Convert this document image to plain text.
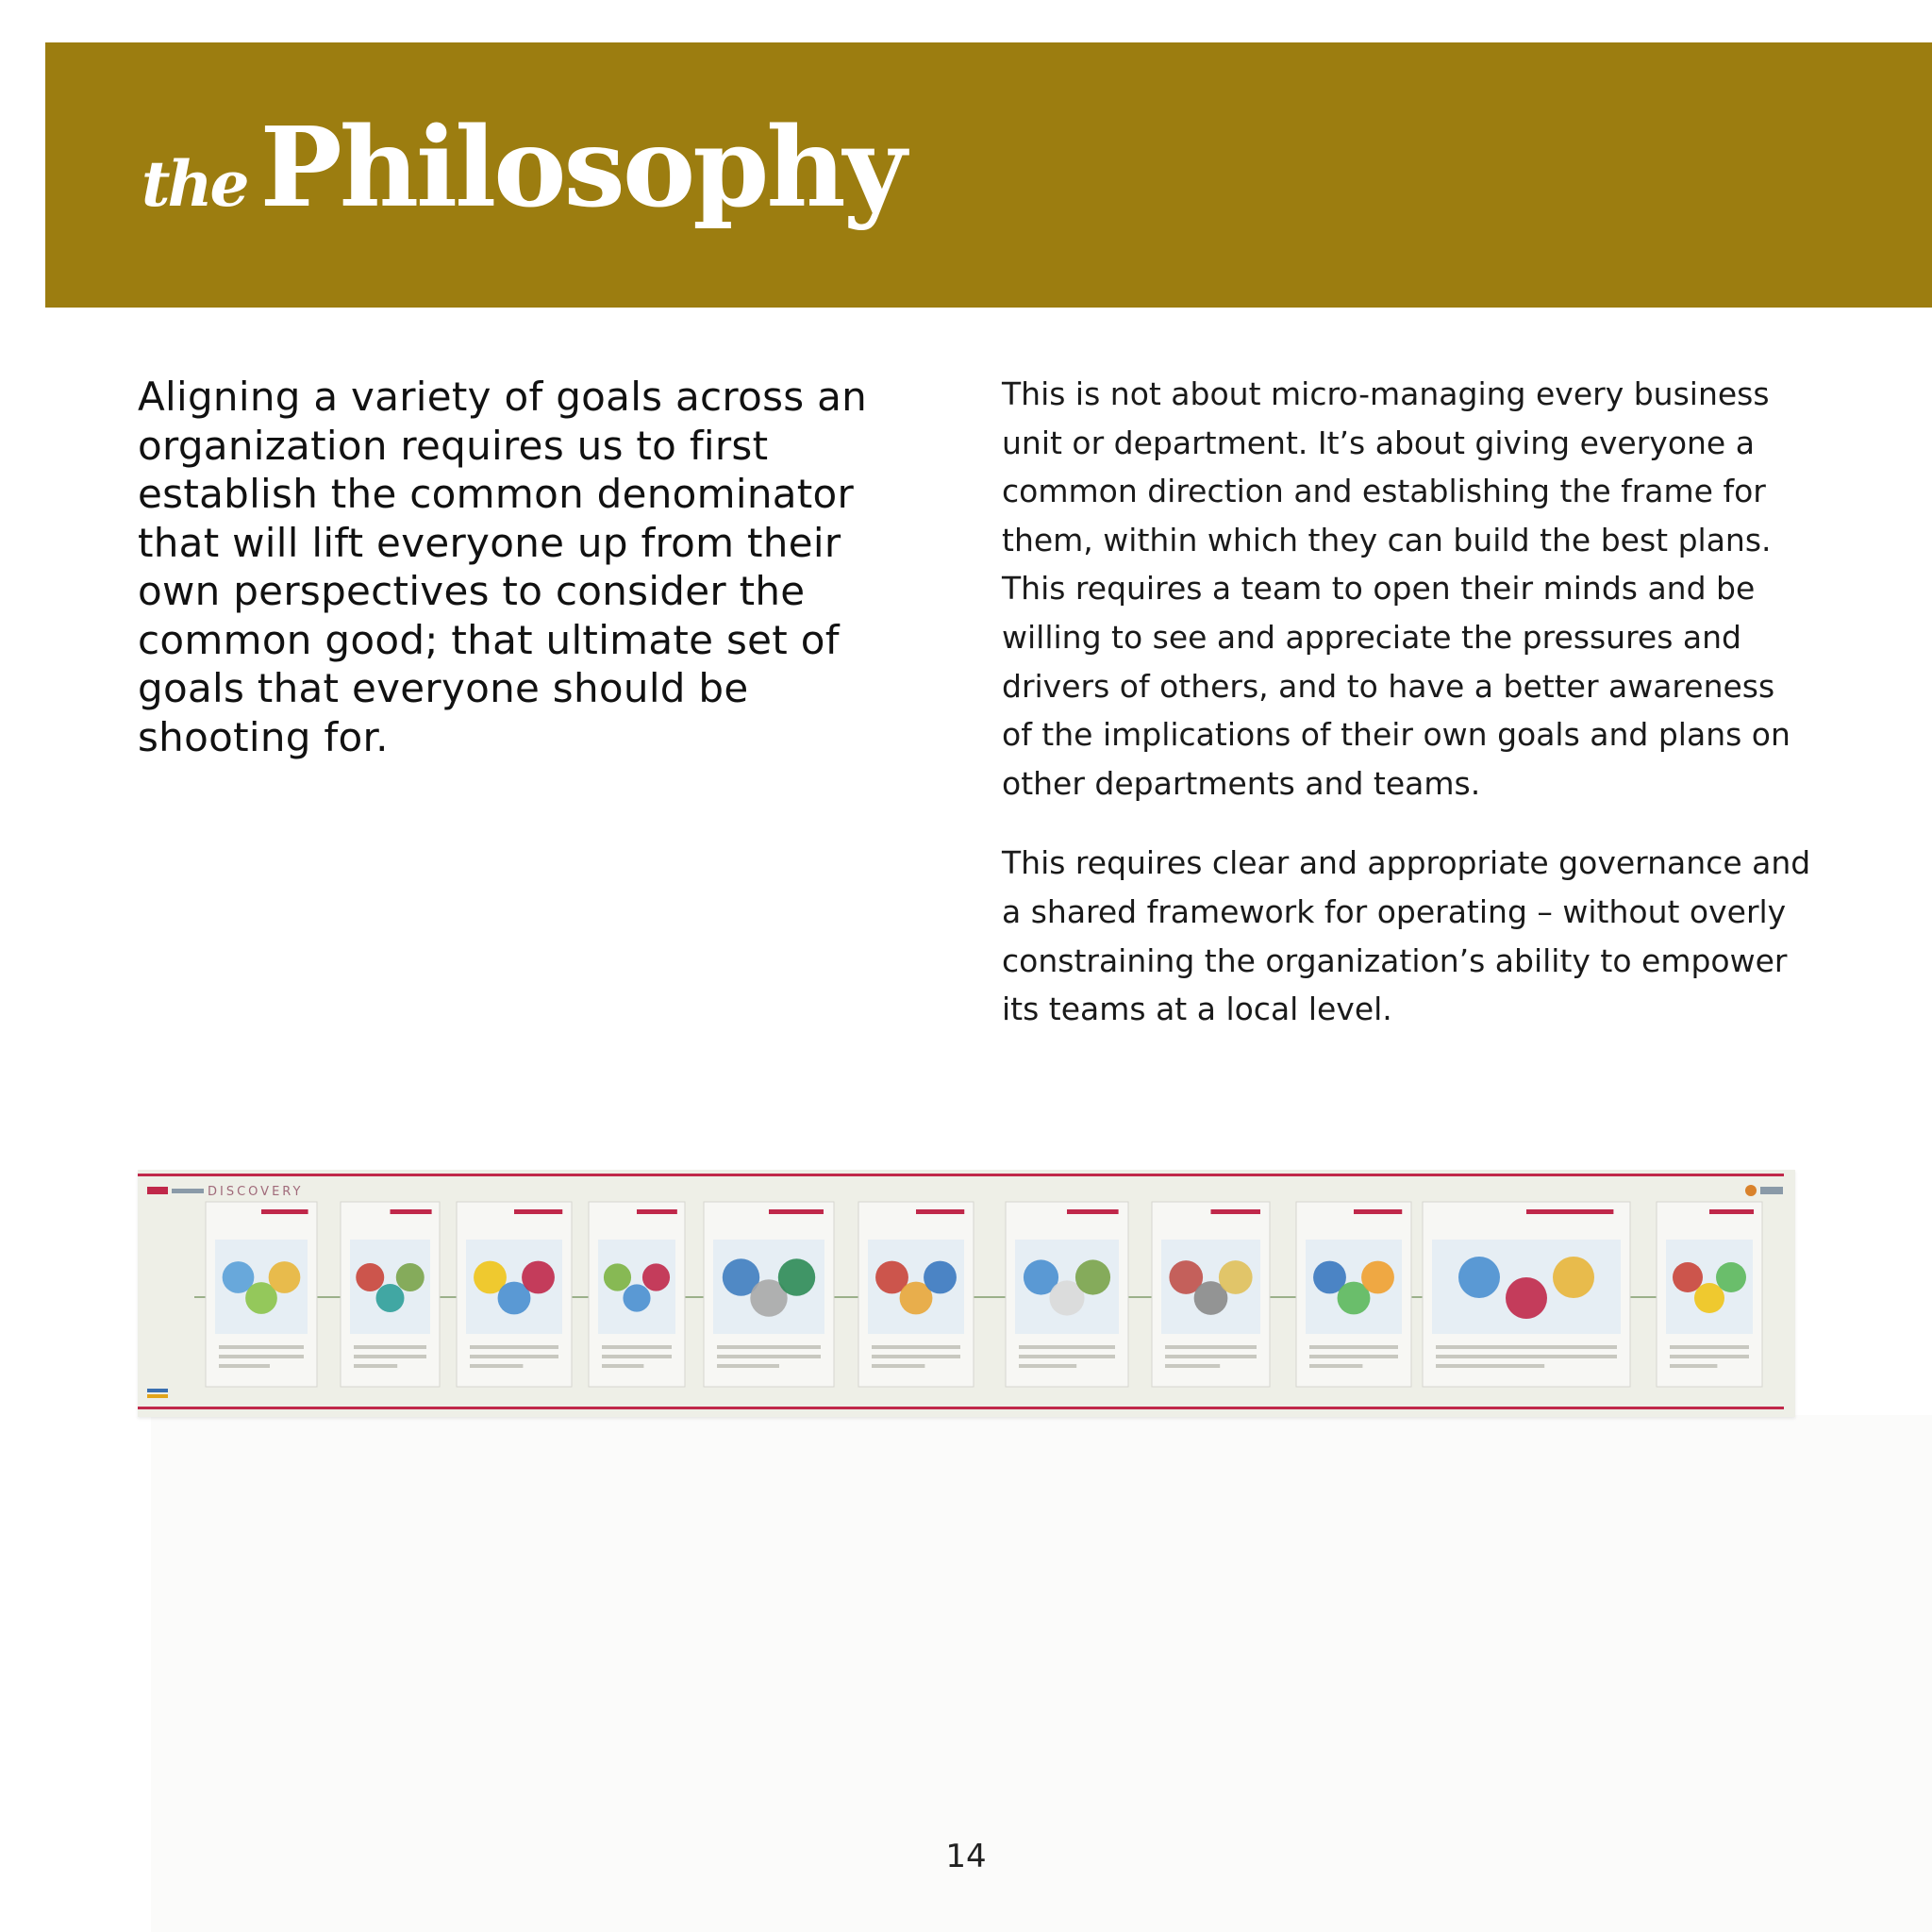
the Philosophy

Aligning a variety of goals across an organization requires us to first establish the common denominator that will lift everyone up from their own perspectives to consider the common good; that ultimate set of goals that everyone should be shooting for.

This is not about micro-managing every business unit or department. It’s about giving everyone a common direction and establishing the frame for them, within which they can build the best plans. This requires a team to open their minds and be willing to see and appreciate the pressures and drivers of others, and to have a better awareness of the implications of their own goals and plans on other departments and teams.

This requires clear and appropriate governance and a shared framework for operating – without overly constraining the organization’s ability to empower its teams at a local level.

DISCOVERY
14
